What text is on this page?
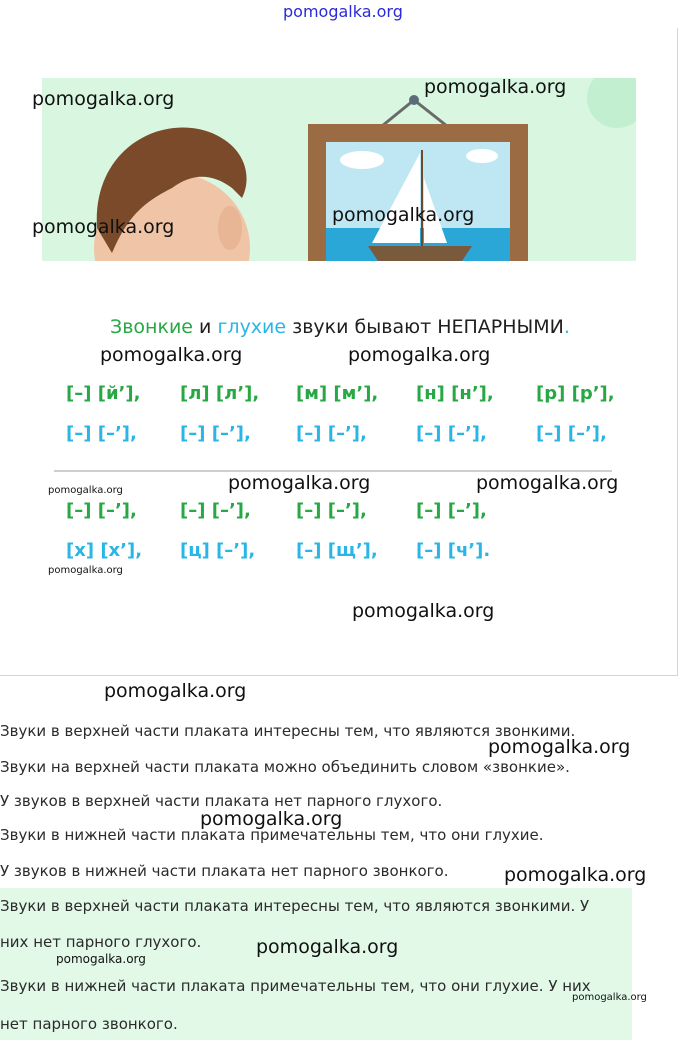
pomogalka.org
Звонкие и глухие звуки бывают НЕПАРНЫМИ.
[–] [й’], [л] [л’], [м] [м’], [н] [н’], [р] [р’],
[–] [–’], [–] [–’],	[–] [–’],	[–] [–’],	[–] [–’],
[–] [–’], [–] [–’],	[–] [–’],	[–] [–’],
[х] [х’], [ц] [–’], [–] [щ’], [–] [ч’].
Звуки в верхней части плаката интересны тем, что являются звонкими.
Звуки на верхней части плаката можно объединить словом «звонкие».
У звуков в верхней части плаката нет парного глухого.
Звуки в нижней части плаката примечательны тем, что они глухие.
У звуков в нижней части плаката нет парного звонкого.

Звуки в верхней части плаката интересны тем, что являются звонкими. У

них нет парного глухого.

Звуки в нижней части плаката примечательны тем, что они глухие. У них

нет парного звонкого.

pomogalka.org
pomogalka.org
pomogalka.org
pomogalka.org
pomogalka.org	pomogalka.org
pomogalka.org	pomogalka.org
pomogalka.org
pomogalka.org
pomogalka.org
pomogalka.org
pomogalka.org
pomogalka.org
pomogalka.org
pomogalka.org
pomogalka.org
pomogalka.org
